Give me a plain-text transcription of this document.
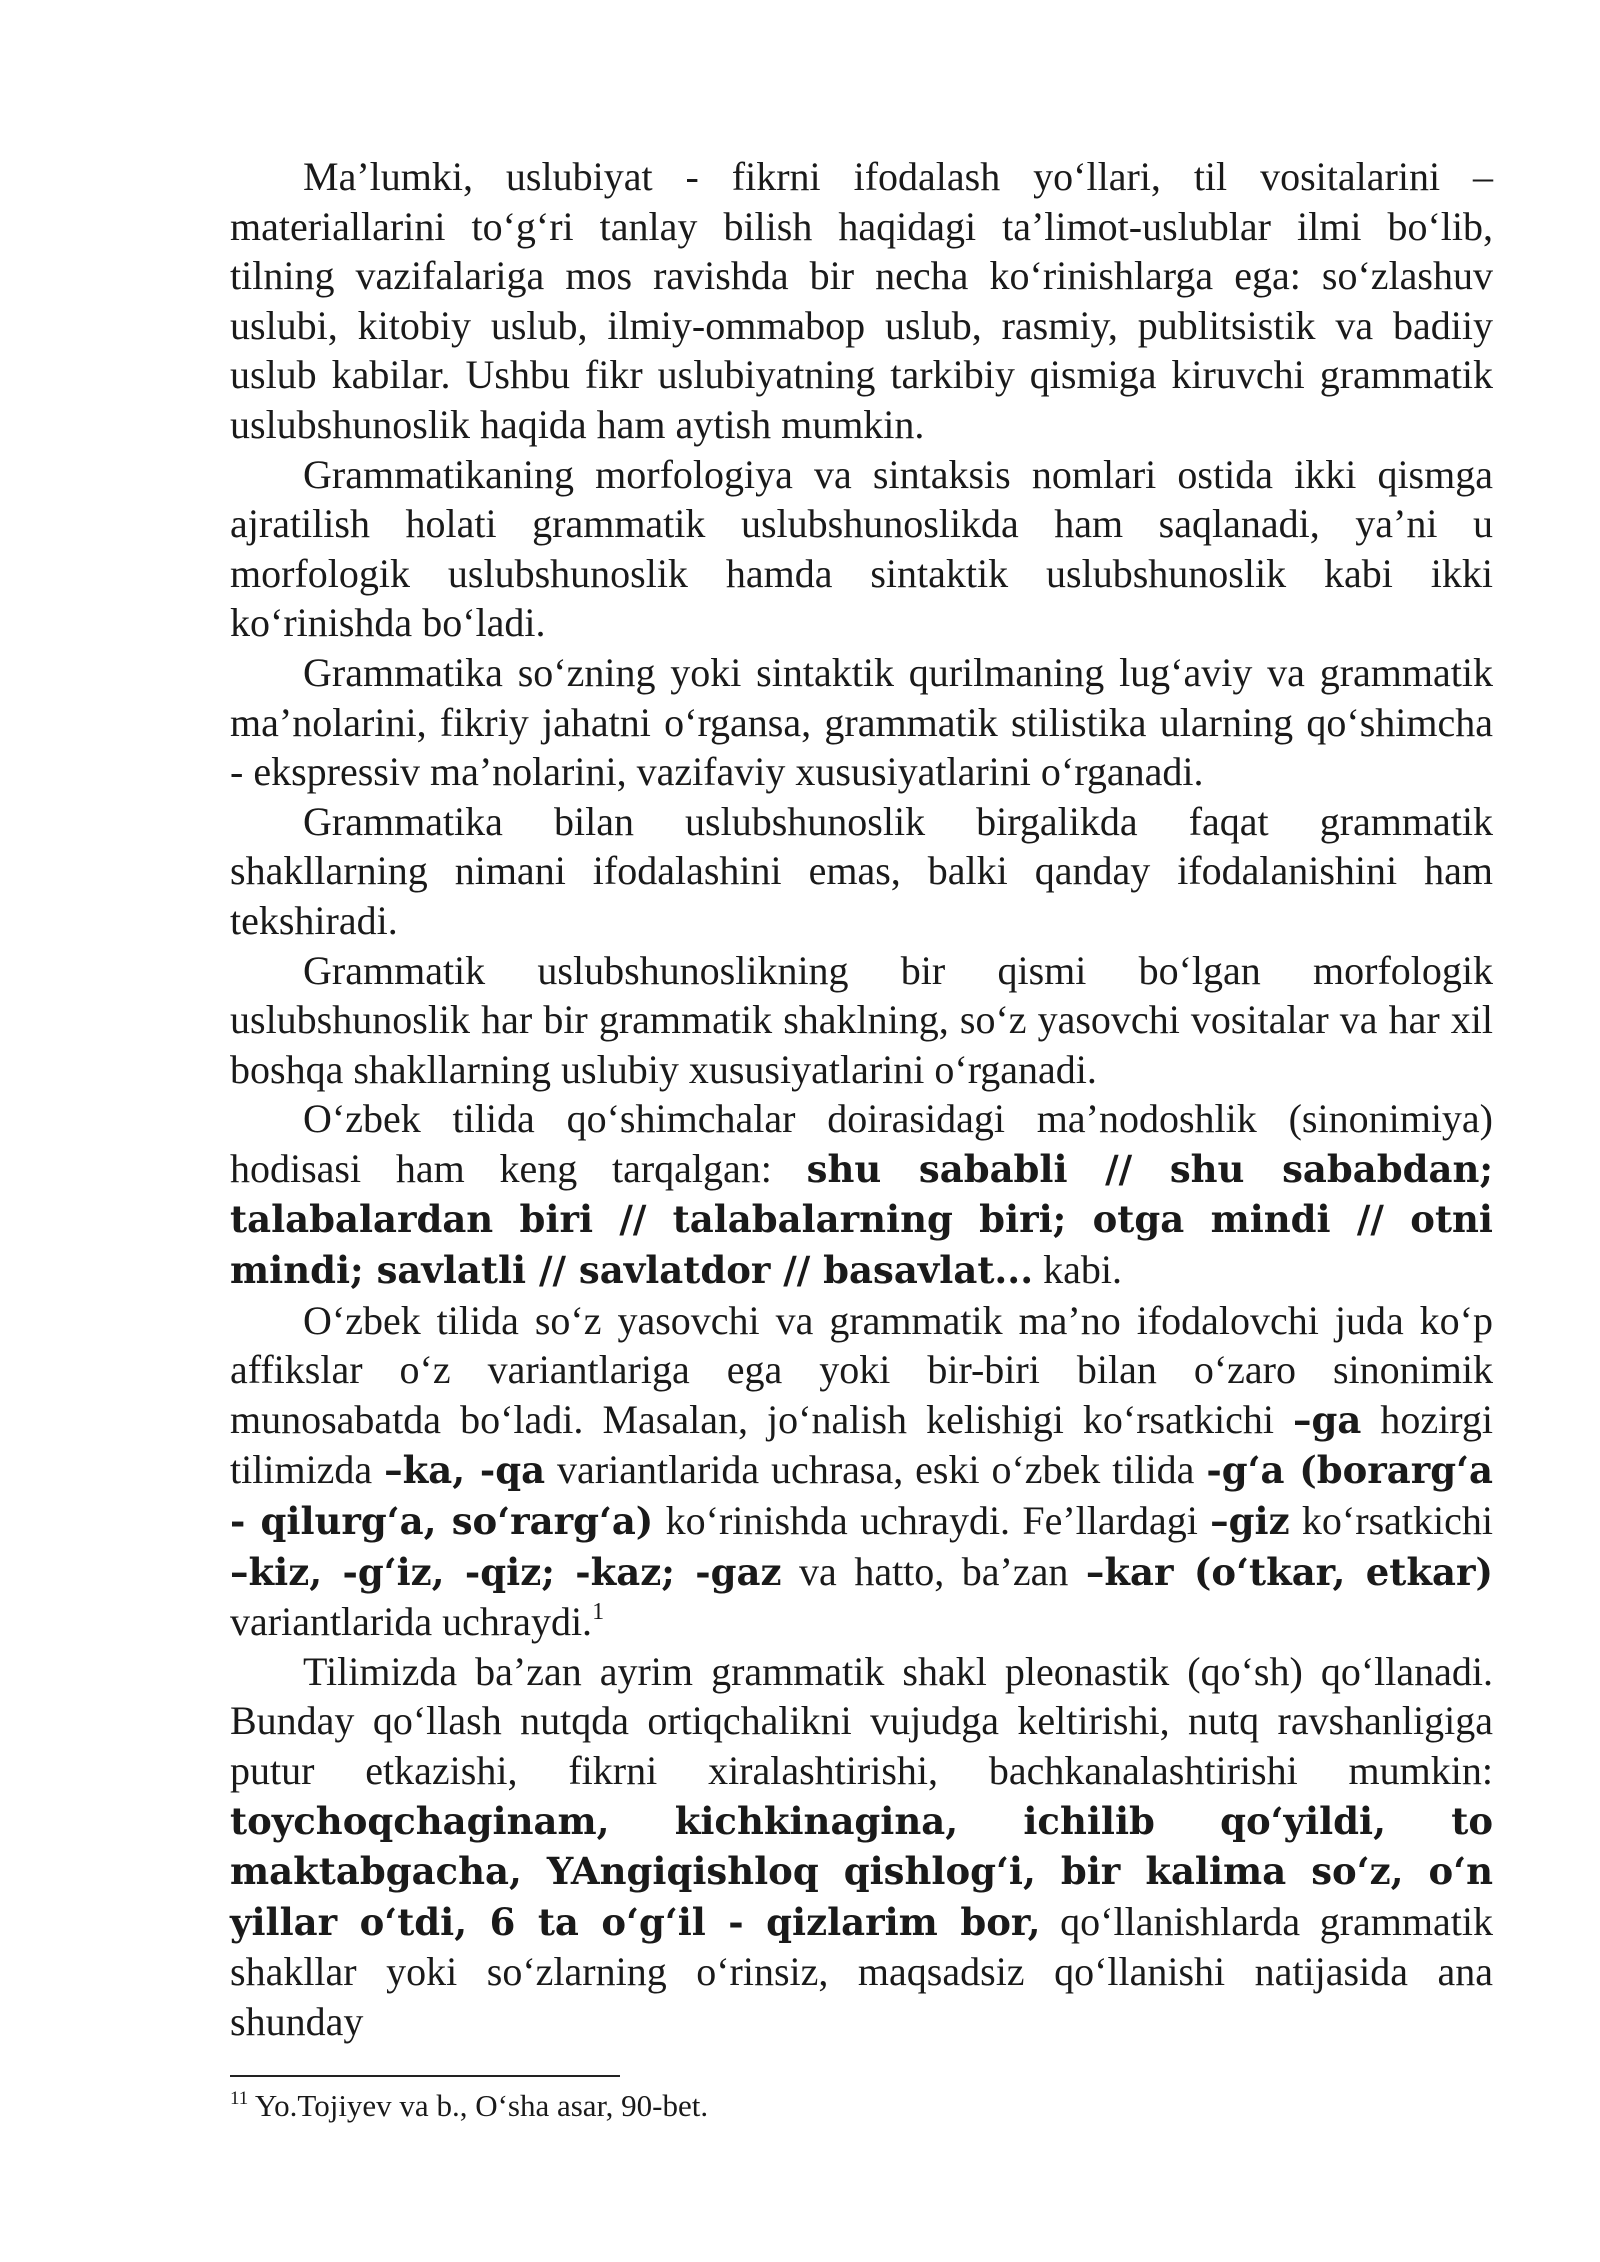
Ma’lumki, uslubiyat - fikrni ifodalash yo‘llari, til vositalarini – materiallarini to‘g‘ri tanlay bilish haqidagi ta’limot-uslublar ilmi bo‘lib, tilning vazifalariga mos ravishda bir necha ko‘rinishlarga ega: so‘zlashuv uslubi, kitobiy uslub, ilmiy-ommabop uslub, rasmiy, publitsistik va badiiy uslub kabilar. Ushbu fikr uslubiyatning tarkibiy qismiga kiruvchi grammatik uslubshunoslik haqida ham aytish mumkin.

Grammatikaning morfologiya va sintaksis nomlari ostida ikki qismga ajratilish holati grammatik uslubshunoslikda ham saqlanadi, ya’ni u morfologik uslubshunoslik hamda sintaktik uslubshunoslik kabi ikki ko‘rinishda bo‘ladi.

Grammatika so‘zning yoki sintaktik qurilmaning lug‘aviy va grammatik ma’nolarini, fikriy jahatni o‘rgansa, grammatik stilistika ularning qo‘shimcha - ekspressiv ma’nolarini, vazifaviy xususiyatlarini o‘rganadi.

Grammatika bilan uslubshunoslik birgalikda faqat grammatik shakllarning nimani ifodalashini emas, balki qanday ifodalanishini ham tekshiradi.

Grammatik uslubshunoslikning bir qismi bo‘lgan morfologik uslubshunoslik har bir grammatik shaklning, so‘z yasovchi vositalar va har xil boshqa shakllarning uslubiy xususiyatlarini o‘rganadi.

O‘zbek tilida qo‘shimchalar doirasidagi ma’nodoshlik (sinonimiya) hodisasi ham keng tarqalgan: shu sababli // shu sababdan; talabalardan biri // talabalarning biri; otga mindi // otni mindi; savlatli // savlatdor // basavlat... kabi.

O‘zbek tilida so‘z yasovchi va grammatik ma’no ifodalovchi juda ko‘p affikslar o‘z variantlariga ega yoki bir-biri bilan o‘zaro sinonimik munosabatda bo‘ladi. Masalan, jo‘nalish kelishigi ko‘rsatkichi –ga hozirgi tilimizda –ka, -qa variantlarida uchrasa, eski o‘zbek tilida -g‘a (borarg‘a - qilurg‘a, so‘rarg‘a) ko‘rinishda uchraydi. Fe’llardagi –giz ko‘rsatkichi –kiz, -g‘iz, -qiz; -kaz; -gaz va hatto, ba’zan –kar (o‘tkar, etkar) variantlarida uchraydi.$^1$

Tilimizda ba’zan ayrim grammatik shakl pleonastik (qo‘sh) qo‘llanadi. Bunday qo‘llash nutqda ortiqchalikni vujudga keltirishi, nutq ravshanligiga putur etkazishi, fikrni xiralashtirishi, bachkanalashtirishi mumkin: toychoqchaginam, kichkinagina, ichilib qo‘yildi, to maktabgacha, YAngiqishloq qishlog‘i, bir kalima so‘z, o‘n yillar o‘tdi, 6 ta o‘g‘il - qizlarim bor, qo‘llanishlarda grammatik shakllar yoki so‘zlarning o‘rinsiz, maqsadsiz qo‘llanishi natijasida ana shunday

$^{11}$ Yo.Tojiyev va b., O‘sha asar, 90-bet.
